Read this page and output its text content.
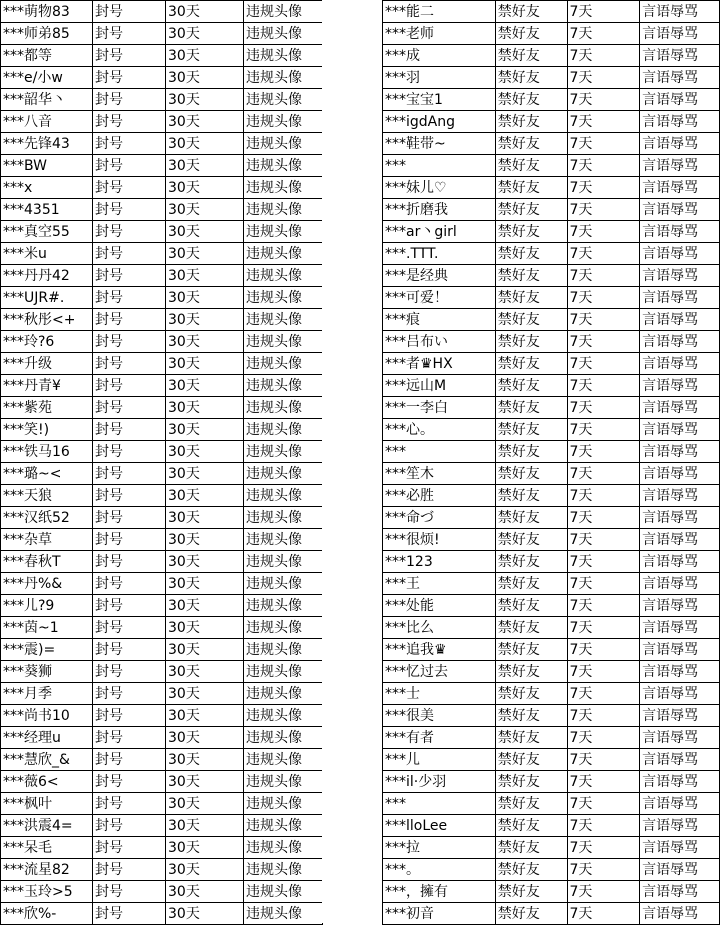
***萌物83	封号	30天	违规头像
***师弟85	封号	30天	违规头像
***都等	封号	30天	违规头像
***e/小w	封号	30天	违规头像
***韶华丶	封号	30天	违规头像
***八音	封号	30天	违规头像
***先锋43	封号	30天	违规头像
***BW	封号	30天	违规头像
***x	封号	30天	违规头像
***4351	封号	30天	违规头像
***真空55	封号	30天	违规头像
***米u	封号	30天	违规头像
***丹丹42	封号	30天	违规头像
***UJR#.	封号	30天	违规头像
***秋彤<+	封号	30天	违规头像
***玲?6	封号	30天	违规头像
***升级	封号	30天	违规头像
***丹青¥	封号	30天	违规头像
***紫苑	封号	30天	违规头像
***笑!)	封号	30天	违规头像
***铁马16	封号	30天	违规头像
***璐~<	封号	30天	违规头像
***天狼	封号	30天	违规头像
***汉纸52	封号	30天	违规头像
***杂草	封号	30天	违规头像
***春秋T	封号	30天	违规头像
***丹%&	封号	30天	违规头像
***儿?9	封号	30天	违规头像
***茵~1	封号	30天	违规头像
***震)=	封号	30天	违规头像
***葵狮	封号	30天	违规头像
***月季	封号	30天	违规头像
***尚书10	封号	30天	违规头像
***经理u	封号	30天	违规头像
***慧欣_&	封号	30天	违规头像
***薇6<	封号	30天	违规头像
***枫叶	封号	30天	违规头像
***洪震4=	封号	30天	违规头像
***呆毛	封号	30天	违规头像
***流星82	封号	30天	违规头像
***玉玲>5	封号	30天	违规头像
***欣%-	封号	30天	违规头像
***能二	禁好友	7天	言语辱骂
***老师	禁好友	7天	言语辱骂
***成	禁好友	7天	言语辱骂
***羽	禁好友	7天	言语辱骂
***宝宝1	禁好友	7天	言语辱骂
***igdAng	禁好友	7天	言语辱骂
***鞋带~	禁好友	7天	言语辱骂
***	禁好友	7天	言语辱骂
***妹儿♡	禁好友	7天	言语辱骂
***折磨我	禁好友	7天	言语辱骂
***ar丶girl	禁好友	7天	言语辱骂
***.TTT.	禁好友	7天	言语辱骂
***是经典	禁好友	7天	言语辱骂
***可爱！	禁好友	7天	言语辱骂
***痕	禁好友	7天	言语辱骂
***吕布い	禁好友	7天	言语辱骂
***者♛HX	禁好友	7天	言语辱骂
***远山M	禁好友	7天	言语辱骂
***一李白	禁好友	7天	言语辱骂
***心。	禁好友	7天	言语辱骂
***	禁好友	7天	言语辱骂
***笙木	禁好友	7天	言语辱骂
***必胜	禁好友	7天	言语辱骂
***命づ	禁好友	7天	言语辱骂
***很烦!	禁好友	7天	言语辱骂
***123	禁好友	7天	言语辱骂
***王	禁好友	7天	言语辱骂
***处能	禁好友	7天	言语辱骂
***比么	禁好友	7天	言语辱骂
***追我♛	禁好友	7天	言语辱骂
***忆过去	禁好友	7天	言语辱骂
***士	禁好友	7天	言语辱骂
***很美	禁好友	7天	言语辱骂
***有者	禁好友	7天	言语辱骂
***儿	禁好友	7天	言语辱骂
***il·少羽	禁好友	7天	言语辱骂
***	禁好友	7天	言语辱骂
***lloLee	禁好友	7天	言语辱骂
***拉	禁好友	7天	言语辱骂
***。	禁好友	7天	言语辱骂
***，擁有	禁好友	7天	言语辱骂
***初音	禁好友	7天	言语辱骂
